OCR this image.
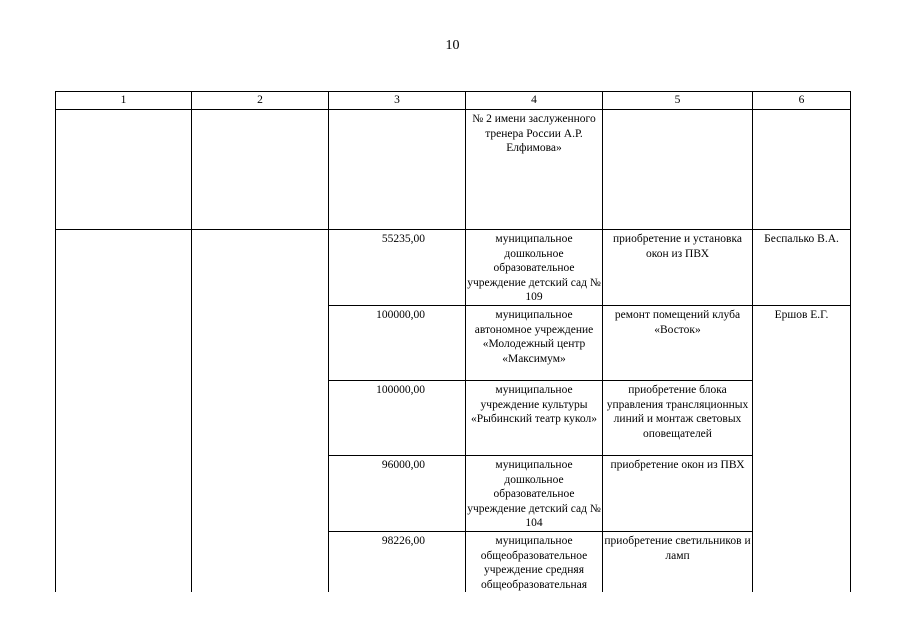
10
1	2	3	4	5	6
			№ 2 имени заслуженного тренера России А.Р. Елфимова»		
		55235,00	муниципальное дошкольное образовательное учреждение детский сад № 109	приобретение и установка окон из ПВХ	Беспалько В.А.
		100000,00	муниципальное автономное учреждение «Молодежный центр «Максимум»	ремонт помещений клуба «Восток»	Ершов Е.Г.
		100000,00	муниципальное учреждение культуры «Рыбинский театр кукол»	приобретение блока управления трансляционных линий и монтаж световых оповещателей	
		96000,00	муниципальное дошкольное образовательное учреждение детский сад № 104	приобретение окон из ПВХ	
		98226,00	муниципальное общеобразовательное учреждение средняя общеобразовательная	приобретение светильников и ламп	
